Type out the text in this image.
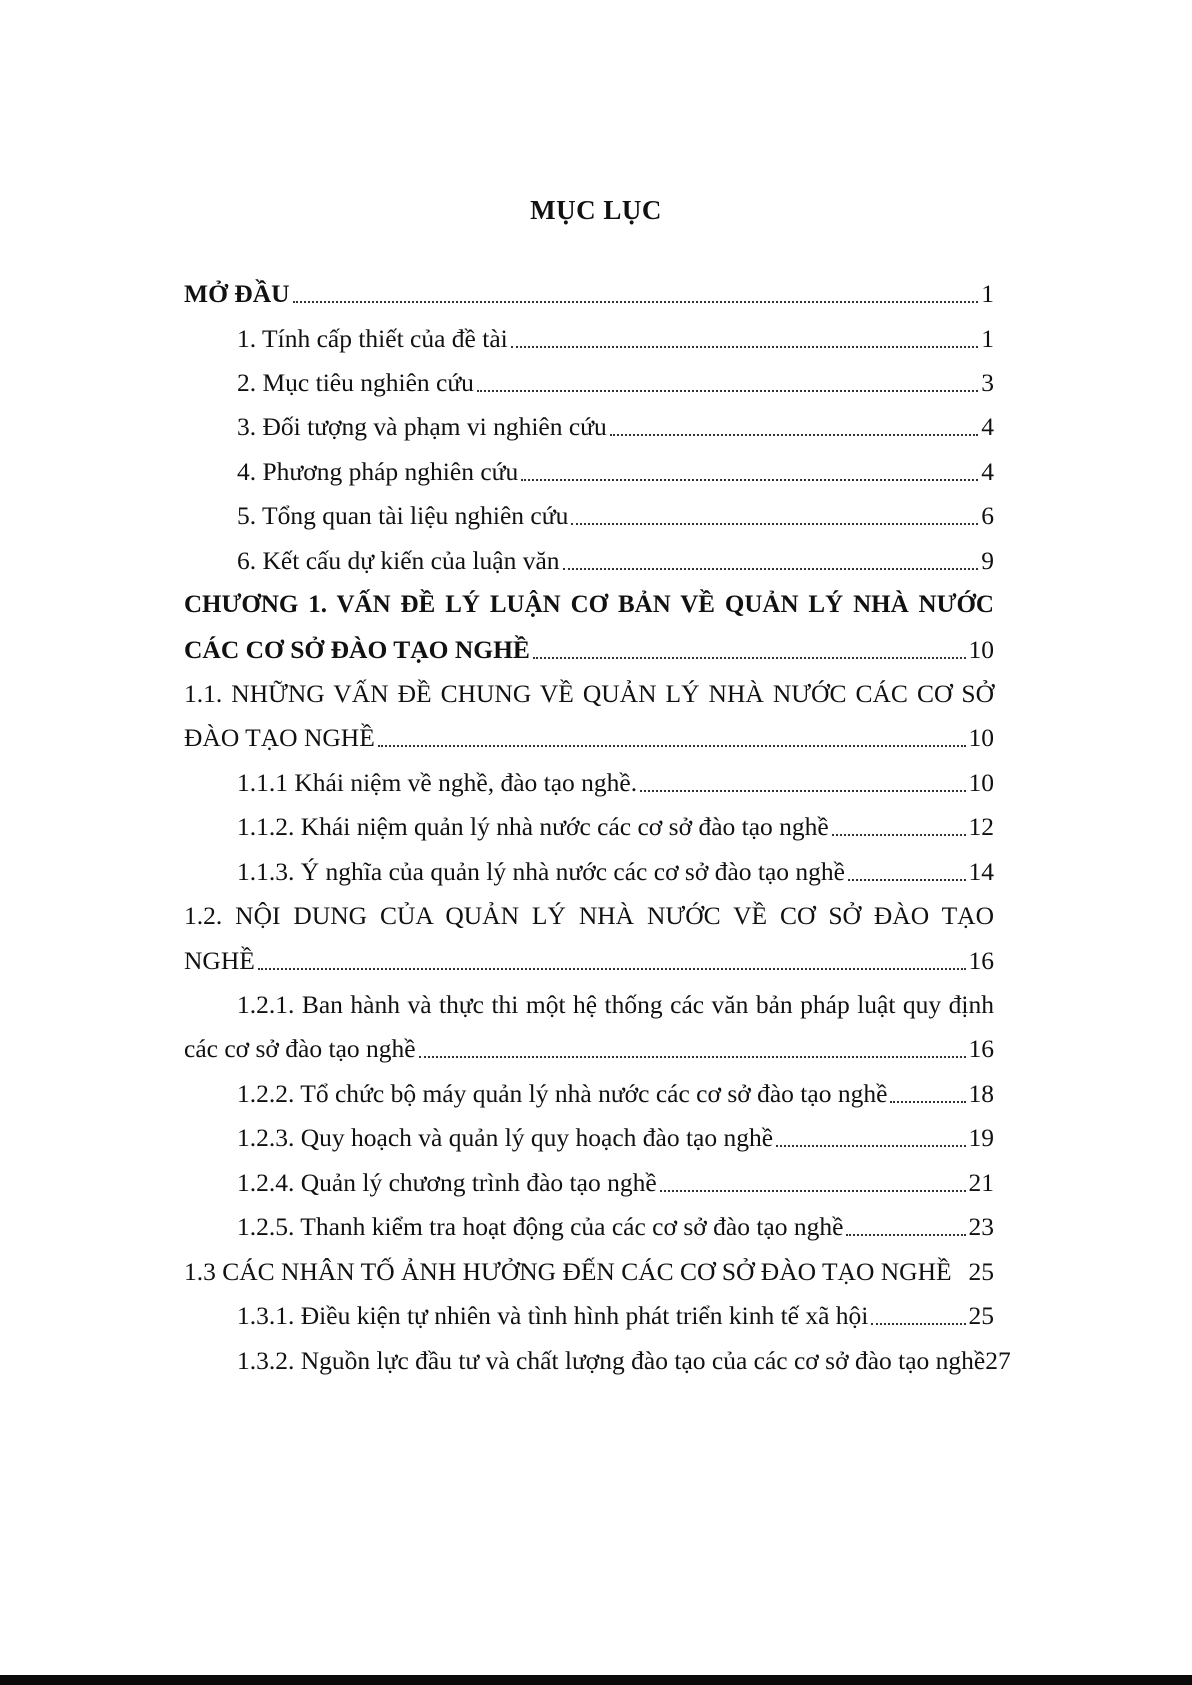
MỤC LỤC
MỞ ĐẦU	1
1. Tính cấp thiết của đề tài	1
2. Mục tiêu nghiên cứu	3
3. Đối tượng và phạm vi nghiên cứu	4
4. Phương pháp nghiên cứu	4
5. Tổng quan tài liệu nghiên cứu	6
6. Kết cấu dự kiến của luận văn	9
CHƯƠNG 1. VẤN ĐỀ LÝ LUẬN CƠ BẢN VỀ QUẢN LÝ NHÀ NƯỚC
CÁC CƠ SỞ ĐÀO TẠO NGHỀ	10
1.1. NHỮNG VẤN ĐỀ CHUNG VỀ QUẢN LÝ NHÀ NƯỚC CÁC CƠ SỞ
ĐÀO TẠO NGHỀ	10
1.1.1 Khái niệm về nghề, đào tạo nghề.	10
1.1.2. Khái niệm quản lý nhà nước các cơ sở đào tạo nghề	12
1.1.3. Ý nghĩa của quản lý nhà nước các cơ sở đào tạo nghề	14
1.2. NỘI DUNG CỦA QUẢN LÝ NHÀ NƯỚC VỀ CƠ SỞ ĐÀO TẠO
NGHỀ	16
1.2.1. Ban hành và thực thi một hệ thống các văn bản pháp luật quy định
các cơ sở đào tạo nghề	16
1.2.2. Tổ chức bộ máy quản lý nhà nước các cơ sở đào tạo nghề	18
1.2.3. Quy hoạch và quản lý quy hoạch đào tạo nghề	19
1.2.4. Quản lý chương trình đào tạo nghề	21
1.2.5. Thanh kiểm tra hoạt động của các cơ sở đào tạo nghề	23
1.3 CÁC NHÂN TỐ ẢNH HƯỞNG ĐẾN CÁC CƠ SỞ ĐÀO TẠO NGHỀ 25
1.3.1. Điều kiện tự nhiên và tình hình phát triển kinh tế xã hội	25
1.3.2. Nguồn lực đầu tư và chất lượng đào tạo của các cơ sở đào tạo nghề 27
